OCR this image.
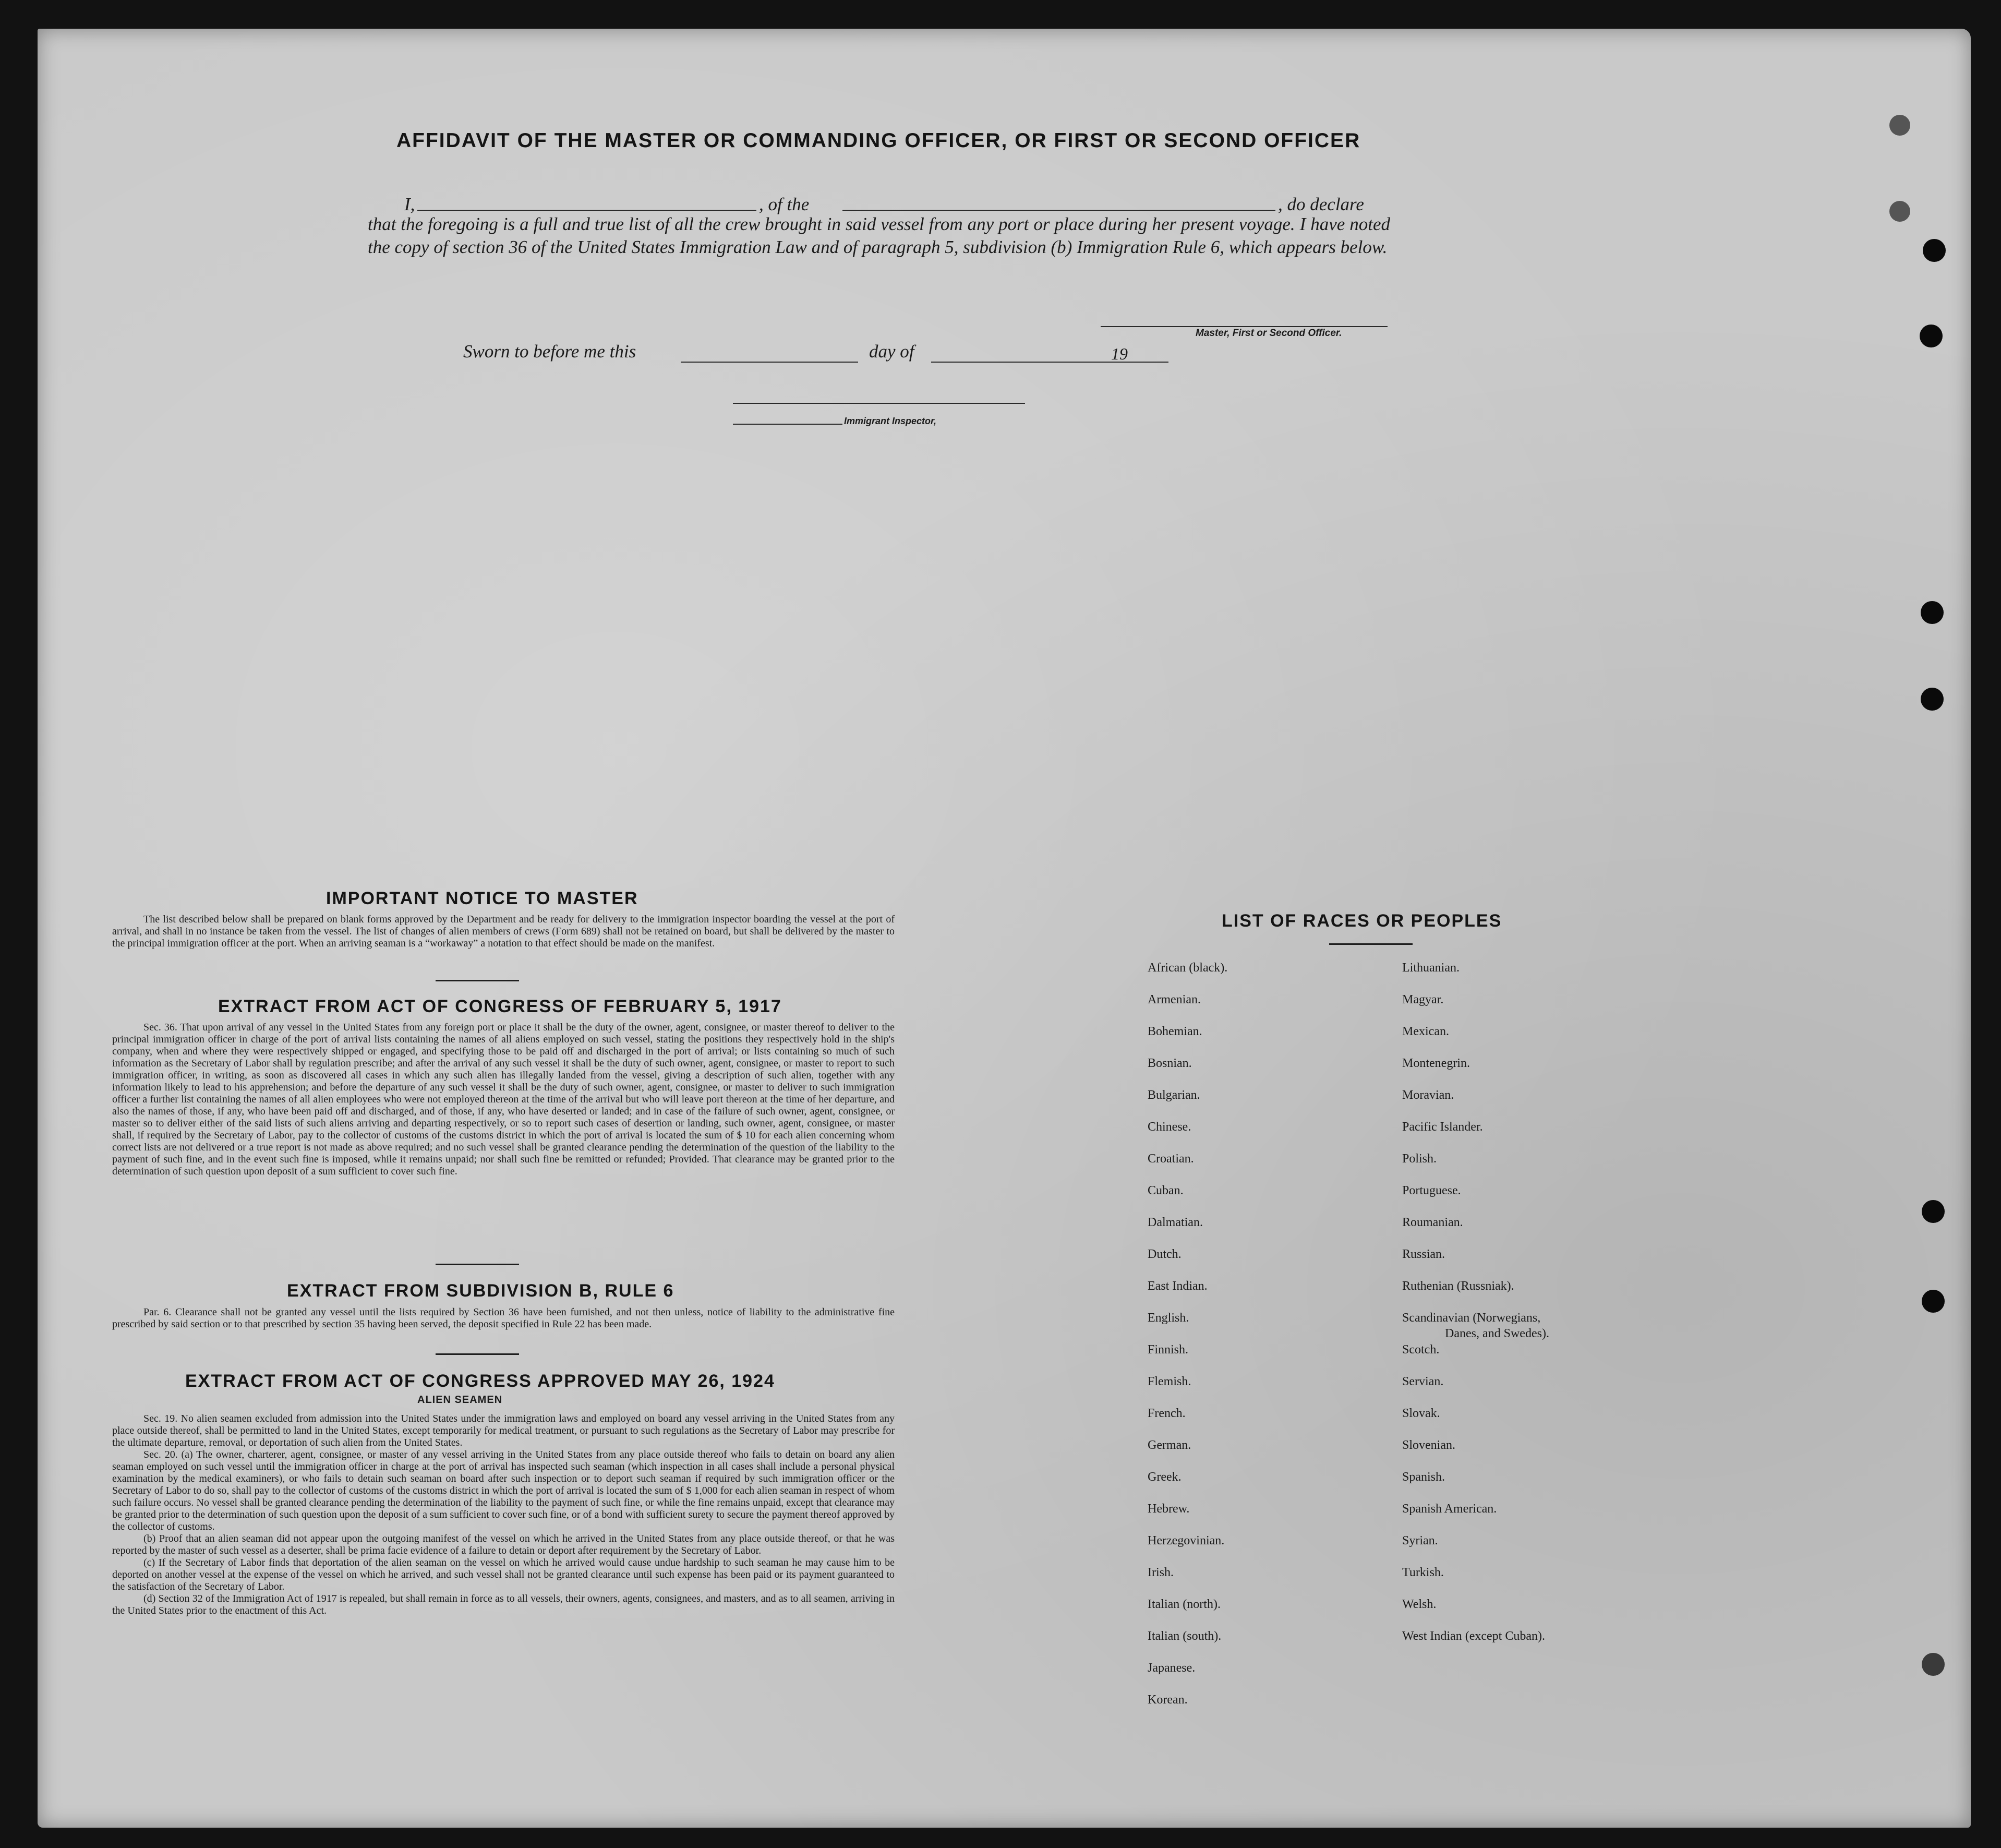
AFFIDAVIT OF THE MASTER OR COMMANDING OFFICER, OR FIRST OR SECOND OFFICER
I,	, of the	, do declare
that the foregoing is a full and true list of all the crew brought in said vessel from any port or place during her present voyage. I have noted the copy of section 36 of the United States Immigration Law and of paragraph 5, subdivision (b) Immigration Rule 6, which appears below.
Master, First or Second Officer.
Sworn to before me this	day of	19
Immigrant Inspector,
IMPORTANT NOTICE TO MASTER

The list described below shall be prepared on blank forms approved by the Department and be ready for delivery to the immigration inspector boarding the vessel at the port of arrival, and shall in no instance be taken from the vessel. The list of changes of alien members of crews (Form 689) shall not be retained on board, but shall be delivered by the master to the principal immigration officer at the port. When an arriving seaman is a “workaway” a notation to that effect should be made on the manifest.

EXTRACT FROM ACT OF CONGRESS OF FEBRUARY 5, 1917

Sec. 36. That upon arrival of any vessel in the United States from any foreign port or place it shall be the duty of the owner, agent, consignee, or master thereof to deliver to the principal immigration officer in charge of the port of arrival lists containing the names of all aliens employed on such vessel, stating the positions they respectively hold in the ship's company, when and where they were respectively shipped or engaged, and specifying those to be paid off and discharged in the port of arrival; or lists containing so much of such information as the Secretary of Labor shall by regulation prescribe; and after the arrival of any such vessel it shall be the duty of such owner, agent, consignee, or master to report to such immigration officer, in writing, as soon as discovered all cases in which any such alien has illegally landed from the vessel, giving a description of such alien, together with any information likely to lead to his apprehension; and before the departure of any such vessel it shall be the duty of such owner, agent, consignee, or master to deliver to such immigration officer a further list containing the names of all alien employees who were not employed thereon at the time of the arrival but who will leave port thereon at the time of her departure, and also the names of those, if any, who have been paid off and discharged, and of those, if any, who have deserted or landed; and in case of the failure of such owner, agent, consignee, or master so to deliver either of the said lists of such aliens arriving and departing respectively, or so to report such cases of desertion or landing, such owner, agent, consignee, or master shall, if required by the Secretary of Labor, pay to the collector of customs of the customs district in which the port of arrival is located the sum of $ 10 for each alien concerning whom correct lists are not delivered or a true report is not made as above required; and no such vessel shall be granted clearance pending the determination of the question of the liability to the payment of such fine, and in the event such fine is imposed, while it remains unpaid; nor shall such fine be remitted or refunded; Provided. That clearance may be granted prior to the determination of such question upon deposit of a sum sufficient to cover such fine.

EXTRACT FROM SUBDIVISION B, RULE 6

Par. 6. Clearance shall not be granted any vessel until the lists required by Section 36 have been furnished, and not then unless, notice of liability to the administrative fine prescribed by said section or to that prescribed by section 35 having been served, the deposit specified in Rule 22 has been made.

EXTRACT FROM ACT OF CONGRESS APPROVED MAY 26, 1924
ALIEN SEAMEN

Sec. 19. No alien seamen excluded from admission into the United States under the immigration laws and employed on board any vessel arriving in the United States from any place outside thereof, shall be permitted to land in the United States, except temporarily for medical treatment, or pursuant to such regulations as the Secretary of Labor may prescribe for the ultimate departure, removal, or deportation of such alien from the United States.

Sec. 20. (a) The owner, charterer, agent, consignee, or master of any vessel arriving in the United States from any place outside thereof who fails to detain on board any alien seaman employed on such vessel until the immigration officer in charge at the port of arrival has inspected such seaman (which inspection in all cases shall include a personal physical examination by the medical examiners), or who fails to detain such seaman on board after such inspection or to deport such seaman if required by such immigration officer or the Secretary of Labor to do so, shall pay to the collector of customs of the customs district in which the port of arrival is located the sum of $ 1,000 for each alien seaman in respect of whom such failure occurs. No vessel shall be granted clearance pending the determination of the liability to the payment of such fine, or while the fine remains unpaid, except that clearance may be granted prior to the determination of such question upon the deposit of a sum sufficient to cover such fine, or of a bond with sufficient surety to secure the payment thereof approved by the collector of customs.

(b) Proof that an alien seaman did not appear upon the outgoing manifest of the vessel on which he arrived in the United States from any place outside thereof, or that he was reported by the master of such vessel as a deserter, shall be prima facie evidence of a failure to detain or deport after requirement by the Secretary of Labor.

(c) If the Secretary of Labor finds that deportation of the alien seaman on the vessel on which he arrived would cause undue hardship to such seaman he may cause him to be deported on another vessel at the expense of the vessel on which he arrived, and such vessel shall not be granted clearance until such expense has been paid or its payment guaranteed to the satisfaction of the Secretary of Labor.

(d) Section 32 of the Immigration Act of 1917 is repealed, but shall remain in force as to all vessels, their owners, agents, consignees, and masters, and as to all seamen, arriving in the United States prior to the enactment of this Act.

LIST OF RACES OR PEOPLES
African (black).
Armenian.
Bohemian.
Bosnian.
Bulgarian.
Chinese.
Croatian.
Cuban.
Dalmatian.
Dutch.
East Indian.
English.
Finnish.
Flemish.
French.
German.
Greek.
Hebrew.
Herzegovinian.
Irish.
Italian (north).
Italian (south).
Japanese.
Korean.
Lithuanian.
Magyar.
Mexican.
Montenegrin.
Moravian.
Pacific Islander.
Polish.
Portuguese.
Roumanian.
Russian.
Ruthenian (Russniak).
Scandinavian (Norwegians,
Danes, and Swedes).
Scotch.
Servian.
Slovak.
Slovenian.
Spanish.
Spanish American.
Syrian.
Turkish.
Welsh.
West Indian (except Cuban).
